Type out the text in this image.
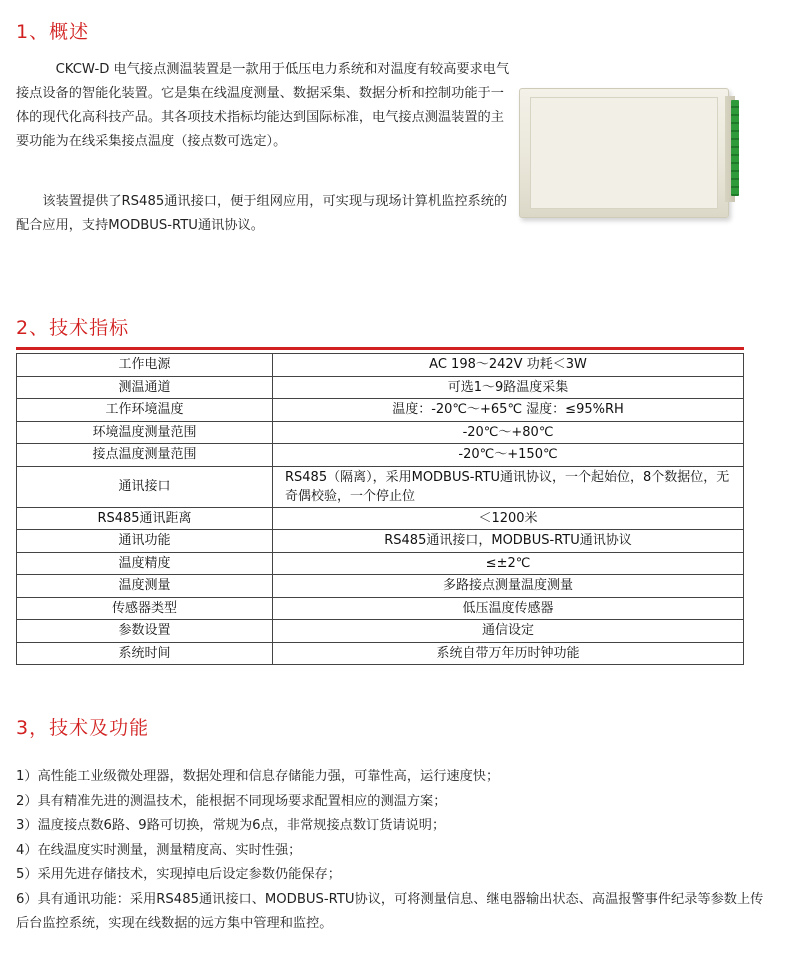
1、概述

CKCW-D 电气接点测温装置是一款用于低压电力系统和对温度有较高要求电气接点设备的智能化装置。它是集在线温度测量、数据采集、数据分析和控制功能于一体的现代化高科技产品。其各项技术指标均能达到国际标准，电气接点测温装置的主要功能为在线采集接点温度（接点数可选定）。

该装置提供了RS485通讯接口，便于组网应用，可实现与现场计算机监控系统的配合应用，支持MODBUS-RTU通讯协议。

2、技术指标
工作电源	AC 198～242V 功耗＜3W
测温通道	可选1～9路温度采集
工作环境温度	温度：-20℃～+65℃ 湿度：≤95%RH
环境温度测量范围	-20℃～+80℃
接点温度测量范围	-20℃～+150℃
通讯接口	RS485（隔离），采用MODBUS-RTU通讯协议，一个起始位，8个数据位，无奇偶校验，一个停止位
RS485通讯距离	＜1200米
通讯功能	RS485通讯接口，MODBUS-RTU通讯协议
温度精度	≤±2℃
温度测量	多路接点测量温度测量
传感器类型	低压温度传感器
参数设置	通信设定
系统时间	系统自带万年历时钟功能
3，技术及功能
1）高性能工业级微处理器，数据处理和信息存储能力强，可靠性高，运行速度快；
2）具有精准先进的测温技术，能根据不同现场要求配置相应的测温方案；
3）温度接点数6路、9路可切换，常规为6点，非常规接点数订货请说明；
4）在线温度实时测量，测量精度高、实时性强；
5）采用先进存储技术，实现掉电后设定参数仍能保存；
6）具有通讯功能：采用RS485通讯接口、MODBUS-RTU协议，可将测量信息、继电器输出状态、高温报警事件纪录等参数上传后台监控系统，实现在线数据的远方集中管理和监控。
